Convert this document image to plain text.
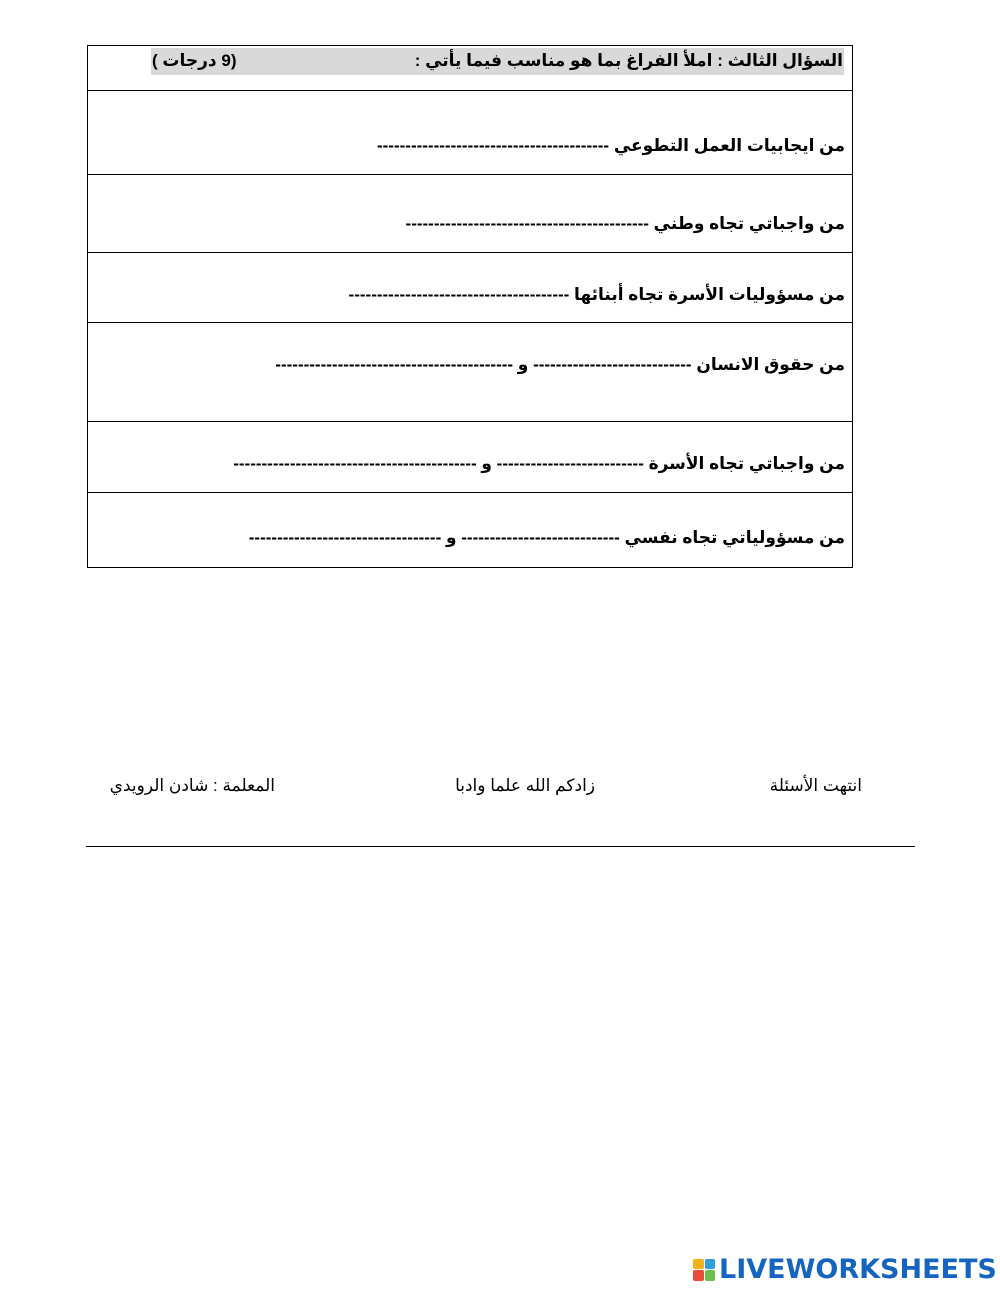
السؤال الثالث : املأ الفراغ بما هو مناسب فيما يأتي :
(9 درجات )
من ايجابيات العمل التطوعي -----------------------------------------
من واجباتي تجاه وطني -------------------------------------------
من مسؤوليات الأسرة تجاه أبنائها ---------------------------------------
من حقوق الانسان ---------------------------- و ------------------------------------------
من واجباتي تجاه الأسرة -------------------------- و -------------------------------------------
من مسؤولياتي تجاه نفسي ---------------------------- و ----------------------------------
انتهت الأسئلة
زادكم الله علما وادبا
المعلمة : شادن الرويدي
LIVEWORKSHEETS
